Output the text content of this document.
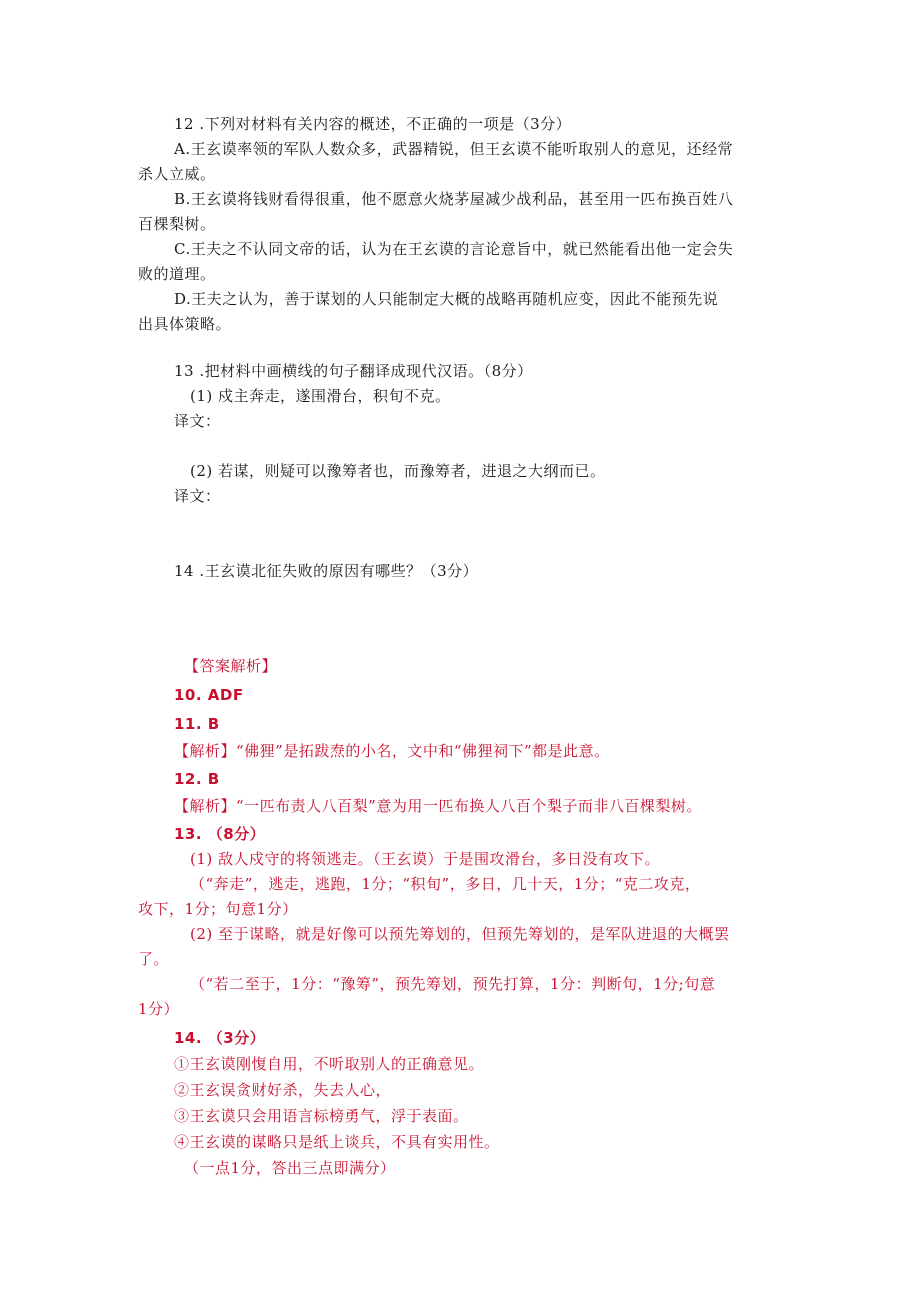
12 .下列对材料有关内容的概述，不正确的一项是（3分）
A.王玄谟率领的军队人数众多，武器精锐，但王玄谟不能听取别人的意见，还经常
杀人立威。
B.王玄谟将钱财看得很重，他不愿意火烧茅屋减少战利品，甚至用一匹布换百姓八
百棵梨树。
C.王夫之不认同文帝的话，认为在王玄谟的言论意旨中，就已然能看出他一定会失
败的道理。
D.王夫之认为，善于谋划的人只能制定大概的战略再随机应变，因此不能预先说
出具体策略。
13 .把材料中画横线的句子翻译成现代汉语。（8分）
(1) 戍主奔走，遂围滑台，积旬不克。
译文：
(2) 若谋，则疑可以豫筹者也，而豫筹者，进退之大纲而已。
译文：
14 .王玄谟北征失败的原因有哪些？（3分）
【答案解析】
10. ADF
11. B
【解析】“佛狸”是拓跋焘的小名，文中和“佛狸祠下”都是此意。
12. B
【解析】“一匹布责人八百梨”意为用一匹布换人八百个梨子而非八百棵梨树。
13. （8分）
(1) 敌人戍守的将领逃走。（王玄谟）于是围攻滑台，多日没有攻下。
（“奔走”，逃走，逃跑，1分；“积旬”，多日，几十天，1分；“克二攻克，
攻下，1分；句意1分）
(2) 至于谋略，就是好像可以预先筹划的，但预先筹划的，是军队进退的大概罢
了。
（“若二至于，1分：“豫筹”，预先筹划，预先打算，1分：判断句，1分;句意
1分）
14. （3分）
①王玄谟刚愎自用，不听取别人的正确意见。
②王玄误贪财好杀，失去人心，
③王玄谟只会用语言标榜勇气，浮于表面。
④王玄谟的谋略只是纸上谈兵，不具有实用性。
（一点1分，答出三点即满分）
